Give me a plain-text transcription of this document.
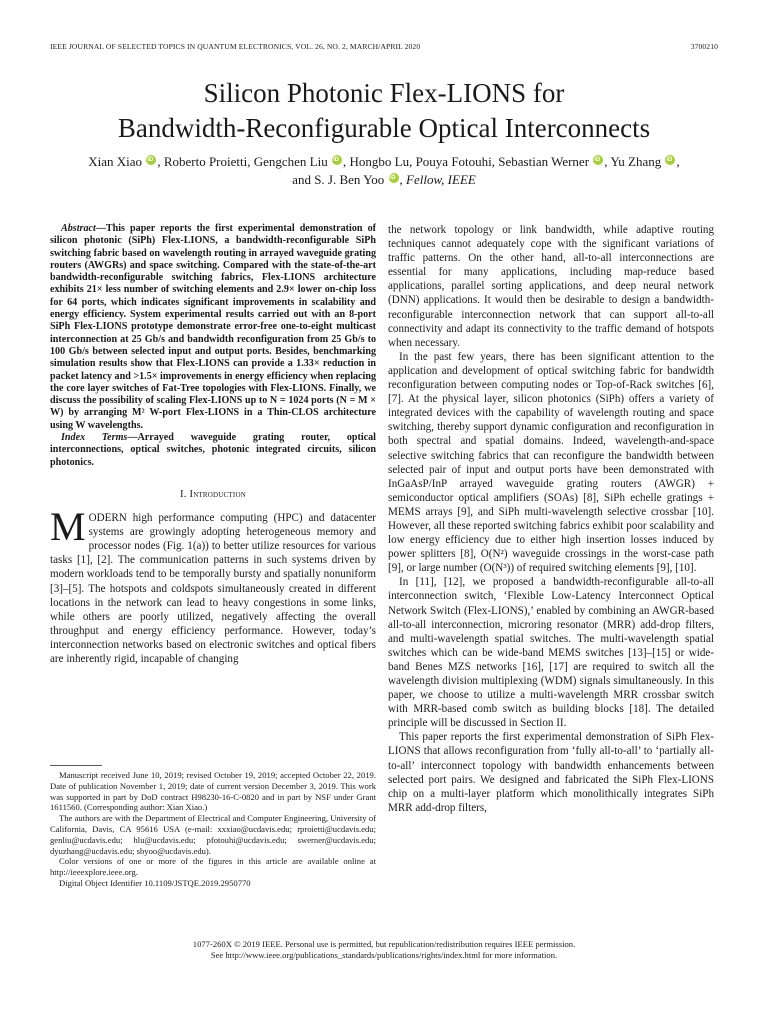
IEEE JOURNAL OF SELECTED TOPICS IN QUANTUM ELECTRONICS, VOL. 26, NO. 2, MARCH/APRIL 2020	3700210
Silicon Photonic Flex-LIONS for
Bandwidth-Reconfigurable Optical Interconnects
Xian Xiao iD , Roberto Proietti, Gengchen Liu iD , Hongbo Lu, Pouya Fotouhi, Sebastian Werner iD , Yu Zhang iD ,
and S. J. Ben Yoo iD , Fellow, IEEE

Abstract—This paper reports the first experimental demonstration of silicon photonic (SiPh) Flex-LIONS, a bandwidth-reconfigurable SiPh switching fabric based on wavelength routing in arrayed waveguide grating routers (AWGRs) and space switching. Compared with the state-of-the-art bandwidth-reconfigurable switching fabrics, Flex-LIONS architecture exhibits 21× less number of switching elements and 2.9× lower on-chip loss for 64 ports, which indicates significant improvements in scalability and energy efficiency. System experimental results carried out with an 8-port SiPh Flex-LIONS prototype demonstrate error-free one-to-eight multicast interconnection at 25 Gb/s and bandwidth reconfiguration from 25 Gb/s to 100 Gb/s between selected input and output ports. Besides, benchmarking simulation results show that Flex-LIONS can provide a 1.33× reduction in packet latency and >1.5× improvements in energy efficiency when replacing the core layer switches of Fat-Tree topologies with Flex-LIONS. Finally, we discuss the possibility of scaling Flex-LIONS up to N = 1024 ports (N = M × W) by arranging M² W-port Flex-LIONS in a Thin-CLOS architecture using W wavelengths.

Index Terms—Arrayed waveguide grating router, optical interconnections, optical switches, photonic integrated circuits, silicon photonics.

I. Introduction

MODERN high performance computing (HPC) and datacenter systems are growingly adopting heterogeneous memory and processor nodes (Fig. 1(a)) to better utilize resources for various tasks [1], [2]. The communication patterns in such systems driven by modern workloads tend to be temporally bursty and spatially nonuniform [3]–[5]. The hotspots and coldspots simultaneously created in different locations in the network can lead to heavy congestions in some links, while others are poorly utilized, negatively affecting the overall throughput and energy efficiency performance. However, today’s interconnection networks based on electronic switches and optical fibers are inherently rigid, incapable of changing

Manuscript received June 10, 2019; revised October 19, 2019; accepted October 22, 2019. Date of publication November 1, 2019; date of current version December 3, 2019. This work was supported in part by DoD contract H98230-16-C-0820 and in part by NSF under Grant 1611560. (Corresponding author: Xian Xiao.)

The authors are with the Department of Electrical and Computer Engineering, University of California, Davis, CA 95616 USA (e-mail: xxxiao@ucdavis.edu; rproietti@ucdavis.edu; genliu@ucdavis.edu; hlu@ucdavis.edu; pfotouhi@ucdavis.edu; swerner@ucdavis.edu; dyuzhang@ucdavis.edu; sbyoo@ucdavis.edu).

Color versions of one or more of the figures in this article are available online at http://ieeexplore.ieee.org.

Digital Object Identifier 10.1109/JSTQE.2019.2950770

the network topology or link bandwidth, while adaptive routing techniques cannot adequately cope with the significant variations of traffic patterns. On the other hand, all-to-all interconnections are essential for many applications, including map-reduce based applications, parallel sorting applications, and deep neural network (DNN) applications. It would then be desirable to design a bandwidth-reconfigurable interconnection network that can support all-to-all connectivity and adapt its connectivity to the traffic demand of hotspots when necessary.

In the past few years, there has been significant attention to the application and development of optical switching fabric for bandwidth reconfiguration between computing nodes or Top-of-Rack switches [6], [7]. At the physical layer, silicon photonics (SiPh) offers a variety of integrated devices with the capability of wavelength routing and space switching, thereby support dynamic configuration and reconfiguration in both spectral and spatial domains. Indeed, wavelength-and-space selective switching fabrics that can reconfigure the bandwidth between selected pair of input and output ports have been demonstrated with InGaAsP/InP arrayed waveguide grating routers (AWGR) + semiconductor optical amplifiers (SOAs) [8], SiPh echelle gratings + MEMS arrays [9], and SiPh multi-wavelength selective crossbar [10]. However, all these reported switching fabrics exhibit poor scalability and low energy efficiency due to either high insertion losses induced by power splitters [8], O(N²) waveguide crossings in the worst-case path [9], or large number (O(N³)) of required switching elements [9], [10].

In [11], [12], we proposed a bandwidth-reconfigurable all-to-all interconnection switch, ‘Flexible Low-Latency Interconnect Optical Network Switch (Flex-LIONS),’ enabled by combining an AWGR-based all-to-all interconnection, microring resonator (MRR) add-drop filters, and multi-wavelength spatial switches. The multi-wavelength spatial switches which can be wide-band MEMS switches [13]–[15] or wide-band Benes MZS networks [16], [17] are required to switch all the wavelength division multiplexing (WDM) signals simultaneously. In this paper, we choose to utilize a multi-wavelength MRR crossbar switch with MRR-based comb switch as building blocks [18]. The detailed principle will be discussed in Section II.

This paper reports the first experimental demonstration of SiPh Flex-LIONS that allows reconfiguration from ‘fully all-to-all’ to ‘partially all-to-all’ interconnect topology with bandwidth enhancements between selected port pairs. We designed and fabricated the SiPh Flex-LIONS chip on a multi-layer platform which monolithically integrates SiPh MRR add-drop filters,

1077-260X © 2019 IEEE. Personal use is permitted, but republication/redistribution requires IEEE permission.
See http://www.ieee.org/publications_standards/publications/rights/index.html for more information.
